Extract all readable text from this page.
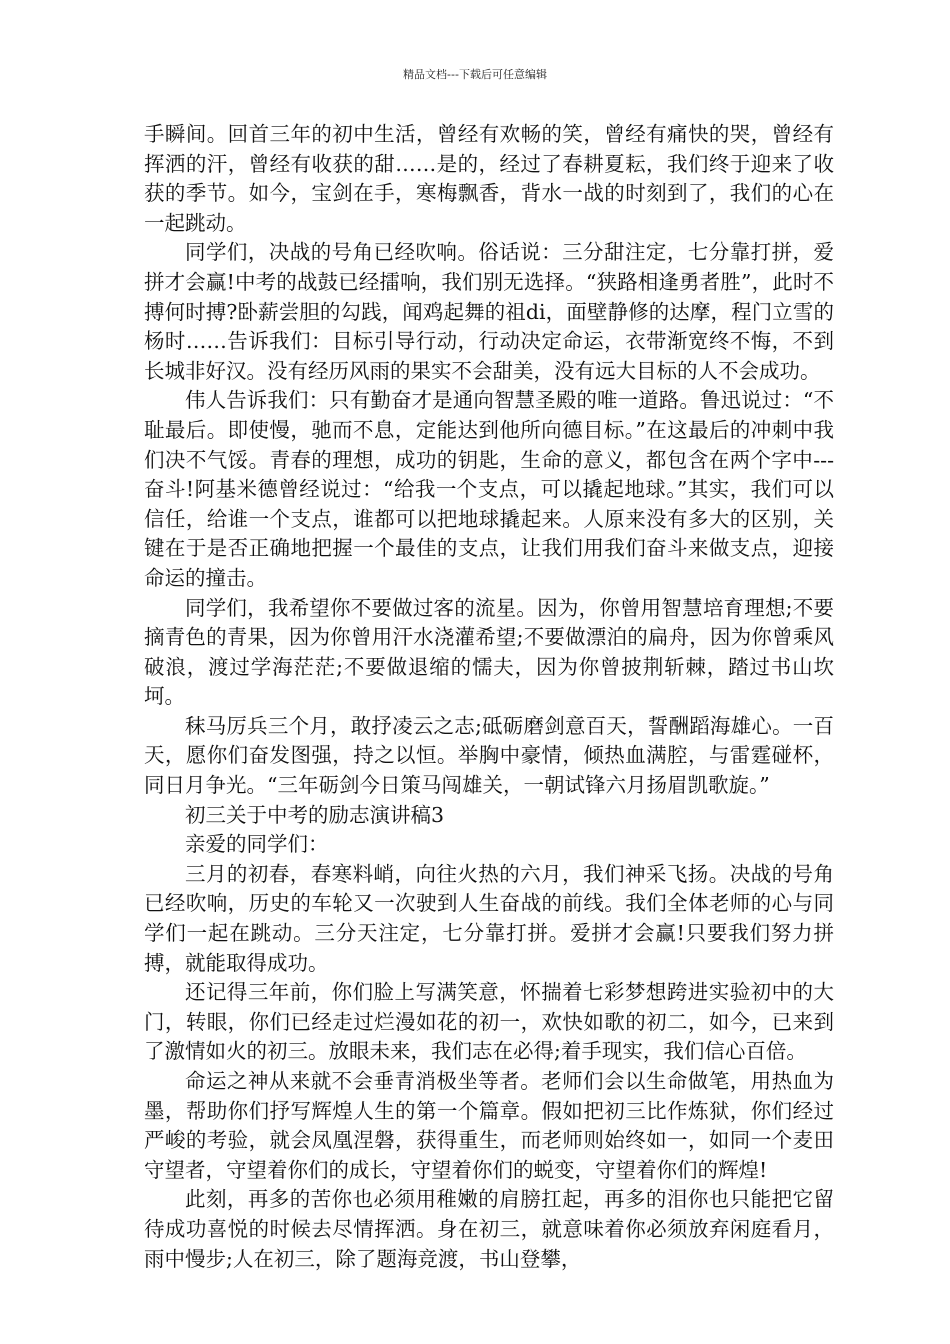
精品文档---下载后可任意编辑

手瞬间。回首三年的初中生活，曾经有欢畅的笑，曾经有痛快的哭，曾经有挥洒的汗，曾经有收获的甜……是的，经过了春耕夏耘，我们终于迎来了收获的季节。如今，宝剑在手，寒梅飘香，背水一战的时刻到了，我们的心在一起跳动。

同学们，决战的号角已经吹响。俗话说：三分甜注定，七分靠打拼，爱拼才会赢!中考的战鼓已经擂响，我们别无选择。“狭路相逢勇者胜”，此时不搏何时搏?卧薪尝胆的勾践，闻鸡起舞的祖di，面壁静修的达摩，程门立雪的杨时……告诉我们：目标引导行动，行动决定命运，衣带渐宽终不悔，不到长城非好汉。没有经历风雨的果实不会甜美，没有远大目标的人不会成功。

伟人告诉我们：只有勤奋才是通向智慧圣殿的唯一道路。鲁迅说过：“不耻最后。即使慢，驰而不息，定能达到他所向德目标。”在这最后的冲刺中我们决不气馁。青春的理想，成功的钥匙，生命的意义，都包含在两个字中---奋斗!阿基米德曾经说过：“给我一个支点，可以撬起地球。”其实，我们可以信任，给谁一个支点，谁都可以把地球撬起来。人原来没有多大的区别，关键在于是否正确地把握一个最佳的支点，让我们用我们奋斗来做支点，迎接命运的撞击。

同学们，我希望你不要做过客的流星。因为，你曾用智慧培育理想;不要摘青色的青果，因为你曾用汗水浇灌希望;不要做漂泊的扁舟，因为你曾乘风破浪，渡过学海茫茫;不要做退缩的懦夫，因为你曾披荆斩棘，踏过书山坎坷。

秣马厉兵三个月，敢抒凌云之志;砥砺磨剑意百天，誓酬蹈海雄心。一百天，愿你们奋发图强，持之以恒。举胸中豪情，倾热血满腔，与雷霆碰杯，同日月争光。“三年砺剑今日策马闯雄关，一朝试锋六月扬眉凯歌旋。”

初三关于中考的励志演讲稿3

亲爱的同学们：

三月的初春，春寒料峭，向往火热的六月，我们神采飞扬。决战的号角已经吹响，历史的车轮又一次驶到人生奋战的前线。我们全体老师的心与同学们一起在跳动。三分天注定，七分靠打拼。爱拼才会赢!只要我们努力拼搏，就能取得成功。

还记得三年前，你们脸上写满笑意，怀揣着七彩梦想跨进实验初中的大门，转眼，你们已经走过烂漫如花的初一，欢快如歌的初二，如今，已来到了激情如火的初三。放眼未来，我们志在必得;着手现实，我们信心百倍。

命运之神从来就不会垂青消极坐等者。老师们会以生命做笔，用热血为墨，帮助你们抒写辉煌人生的第一个篇章。假如把初三比作炼狱，你们经过严峻的考验，就会凤凰涅磐，获得重生，而老师则始终如一，如同一个麦田守望者，守望着你们的成长，守望着你们的蜕变，守望着你们的辉煌!

此刻，再多的苦你也必须用稚嫩的肩膀扛起，再多的泪你也只能把它留待成功喜悦的时候去尽情挥洒。身在初三，就意味着你必须放弃闲庭看月，雨中慢步;人在初三，除了题海竞渡，书山登攀，
